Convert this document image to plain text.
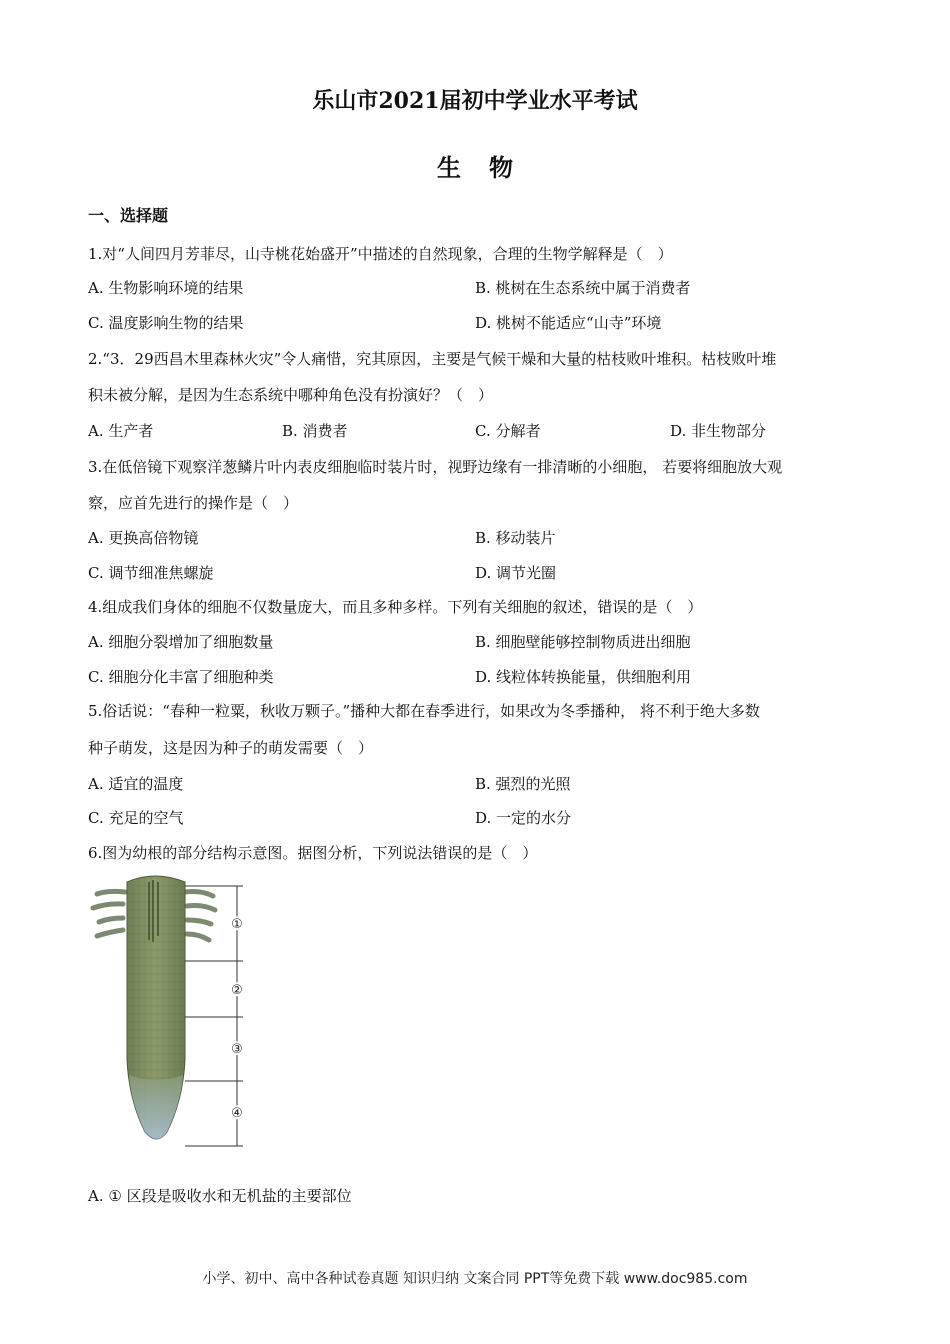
乐山市2021届初中学业水平考试
生物
一、选择题
1.对“人间四月芳菲尽，山寺桃花始盛开”中描述的自然现象，合理的生物学解释是（　）
A. 生物影响环境的结果	B. 桃树在生态系统中属于消费者
C. 温度影响生物的结果	D. 桃树不能适应“山寺”环境
2.“3．29西昌木里森林火灾”令人痛惜，究其原因，主要是气候干燥和大量的枯枝败叶堆积。枯枝败叶堆
积未被分解，是因为生态系统中哪种角色没有扮演好？（　）
A. 生产者	B. 消费者	C. 分解者	D. 非生物部分
3.在低倍镜下观察洋葱鳞片叶内表皮细胞临时装片时，视野边缘有一排清晰的小细胞， 若要将细胞放大观
察，应首先进行的操作是（　）
A. 更换高倍物镜	B. 移动装片
C. 调节细准焦螺旋	D. 调节光圈
4.组成我们身体的细胞不仅数量庞大，而且多种多样。下列有关细胞的叙述，错误的是（　）
A. 细胞分裂增加了细胞数量	B. 细胞壁能够控制物质进出细胞
C. 细胞分化丰富了细胞种类	D. 线粒体转换能量，供细胞利用
5.俗话说：“春种一粒粟，秋收万颗子。”播种大都在春季进行，如果改为冬季播种， 将不利于绝大多数
种子萌发，这是因为种子的萌发需要（　）
A. 适宜的温度	B. 强烈的光照
C. 充足的空气	D. 一定的水分
6.图为幼根的部分结构示意图。据图分析，下列说法错误的是（　）
①
②
③
④
A. ① 区段是吸收水和无机盐的主要部位
小学、初中、高中各种试卷真题 知识归纳 文案合同 PPT等免费下载 www.doc985.com
